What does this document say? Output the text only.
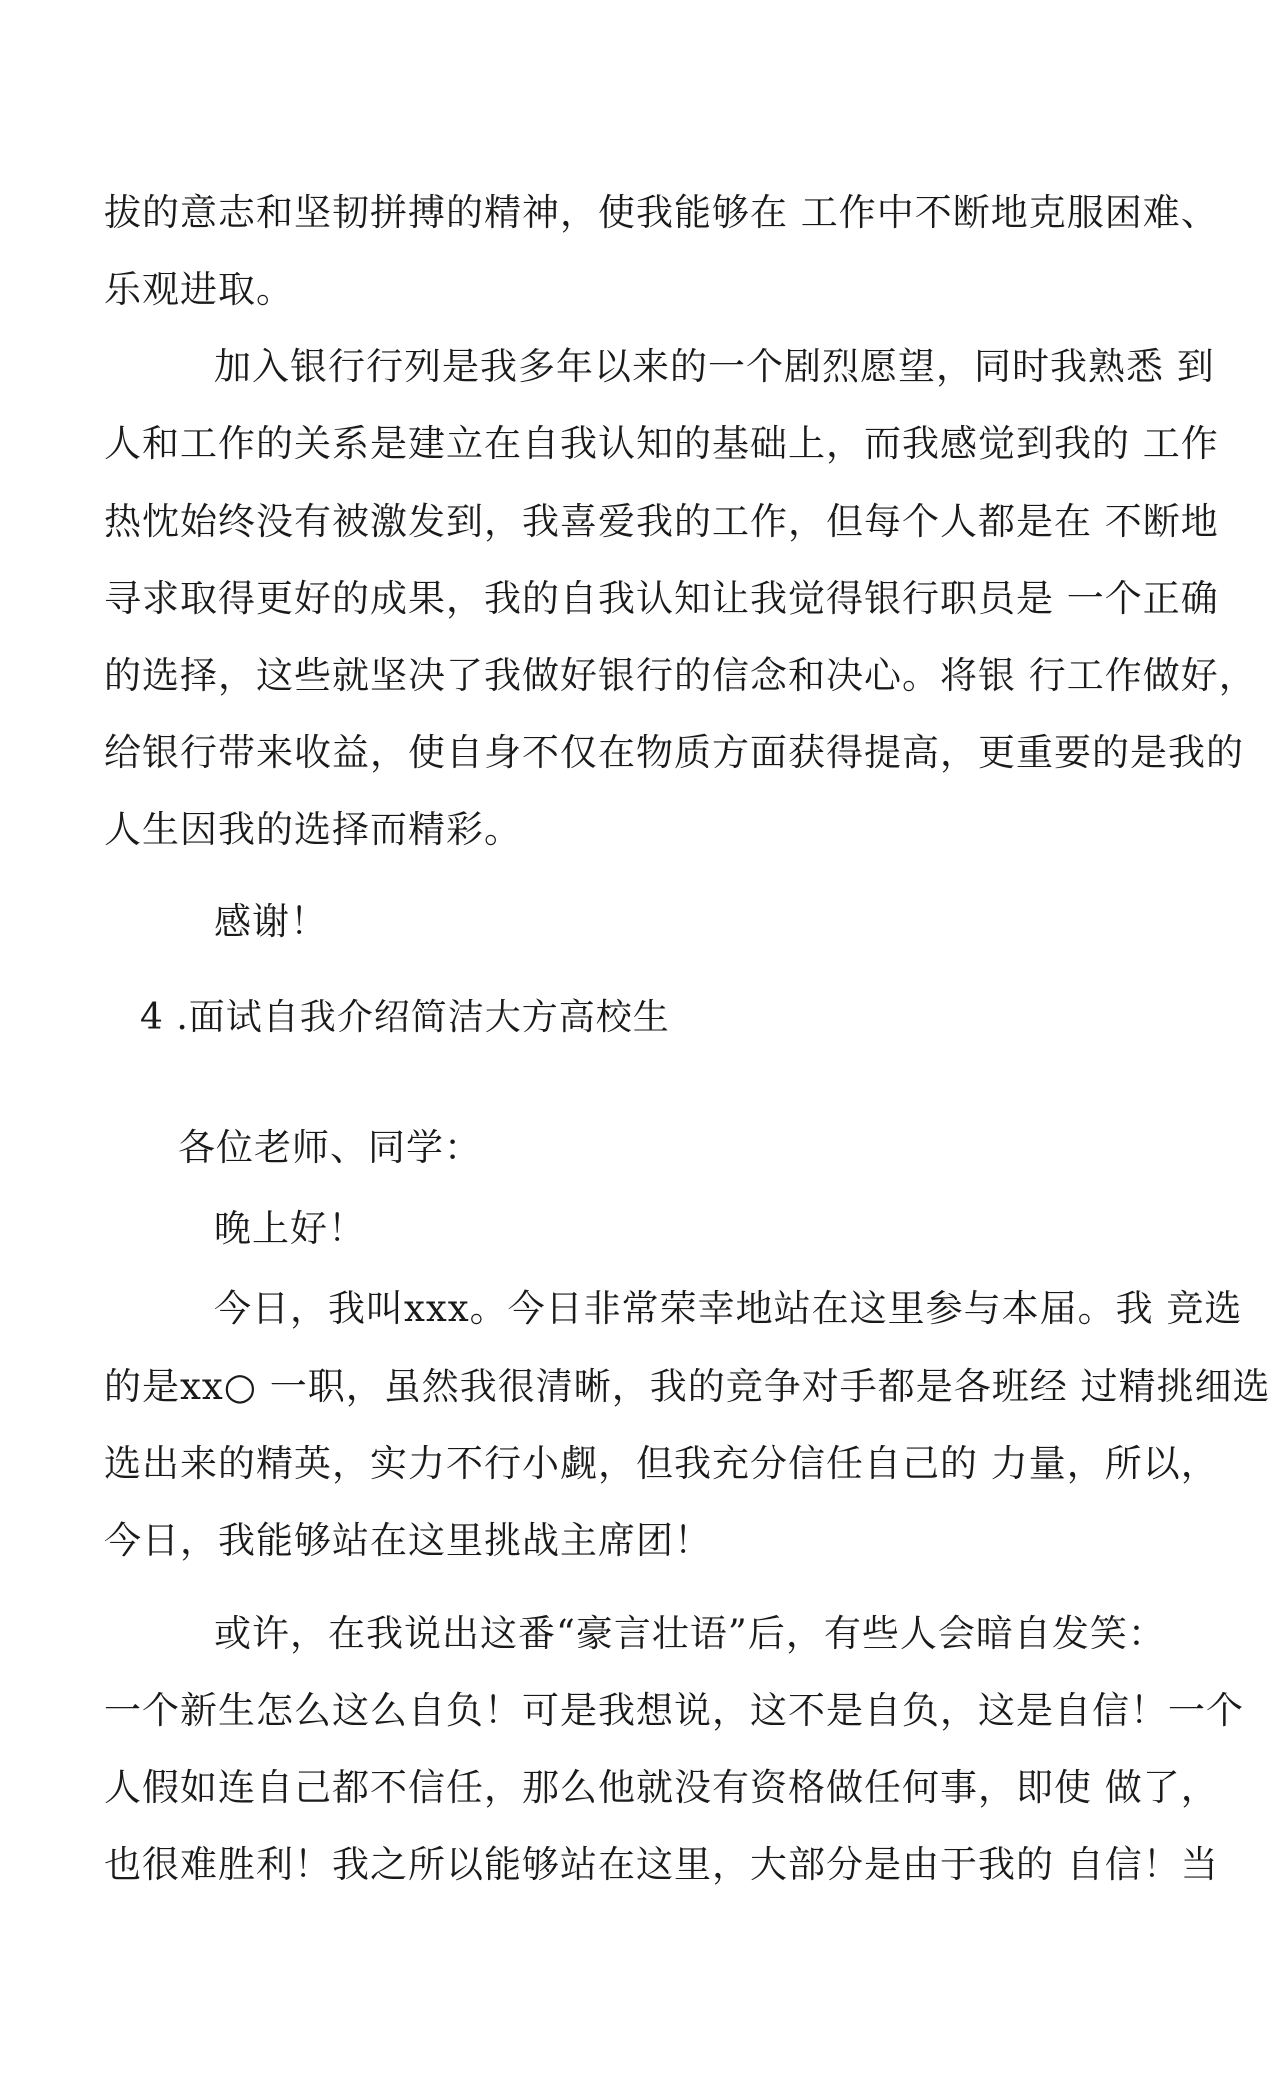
拔的意志和坚韧拼搏的精神，使我能够在 工作中不断地克服困难、
乐观进取。
加入银行行列是我多年以来的一个剧烈愿望，同时我熟悉 到
人和工作的关系是建立在自我认知的基础上，而我感觉到我的 工作
热忱始终没有被激发到，我喜爱我的工作，但每个人都是在 不断地
寻求取得更好的成果，我的自我认知让我觉得银行职员是 一个正确
的选择，这些就坚决了我做好银行的信念和决心。将银 行工作做好，
给银行带来收益，使自身不仅在物质方面获得提高，更重要的是我的
人生因我的选择而精彩。
感谢！
4 .面试自我介绍简洁大方高校生
各位老师、同学：
晚上好！
今日，我叫xxx。今日非常荣幸地站在这里参与本届。我 竞选
的是xx○ 一职，虽然我很清晰，我的竞争对手都是各班经 过精挑细选
选出来的精英，实力不行小觑，但我充分信任自己的 力量，所以，
今日，我能够站在这里挑战主席团！
或许，在我说出这番“豪言壮语”后，有些人会暗自发笑：
一个新生怎么这么自负！可是我想说，这不是自负，这是自信！一个
人假如连自己都不信任，那么他就没有资格做任何事，即使 做了，
也很难胜利！我之所以能够站在这里，大部分是由于我的 自信！当
